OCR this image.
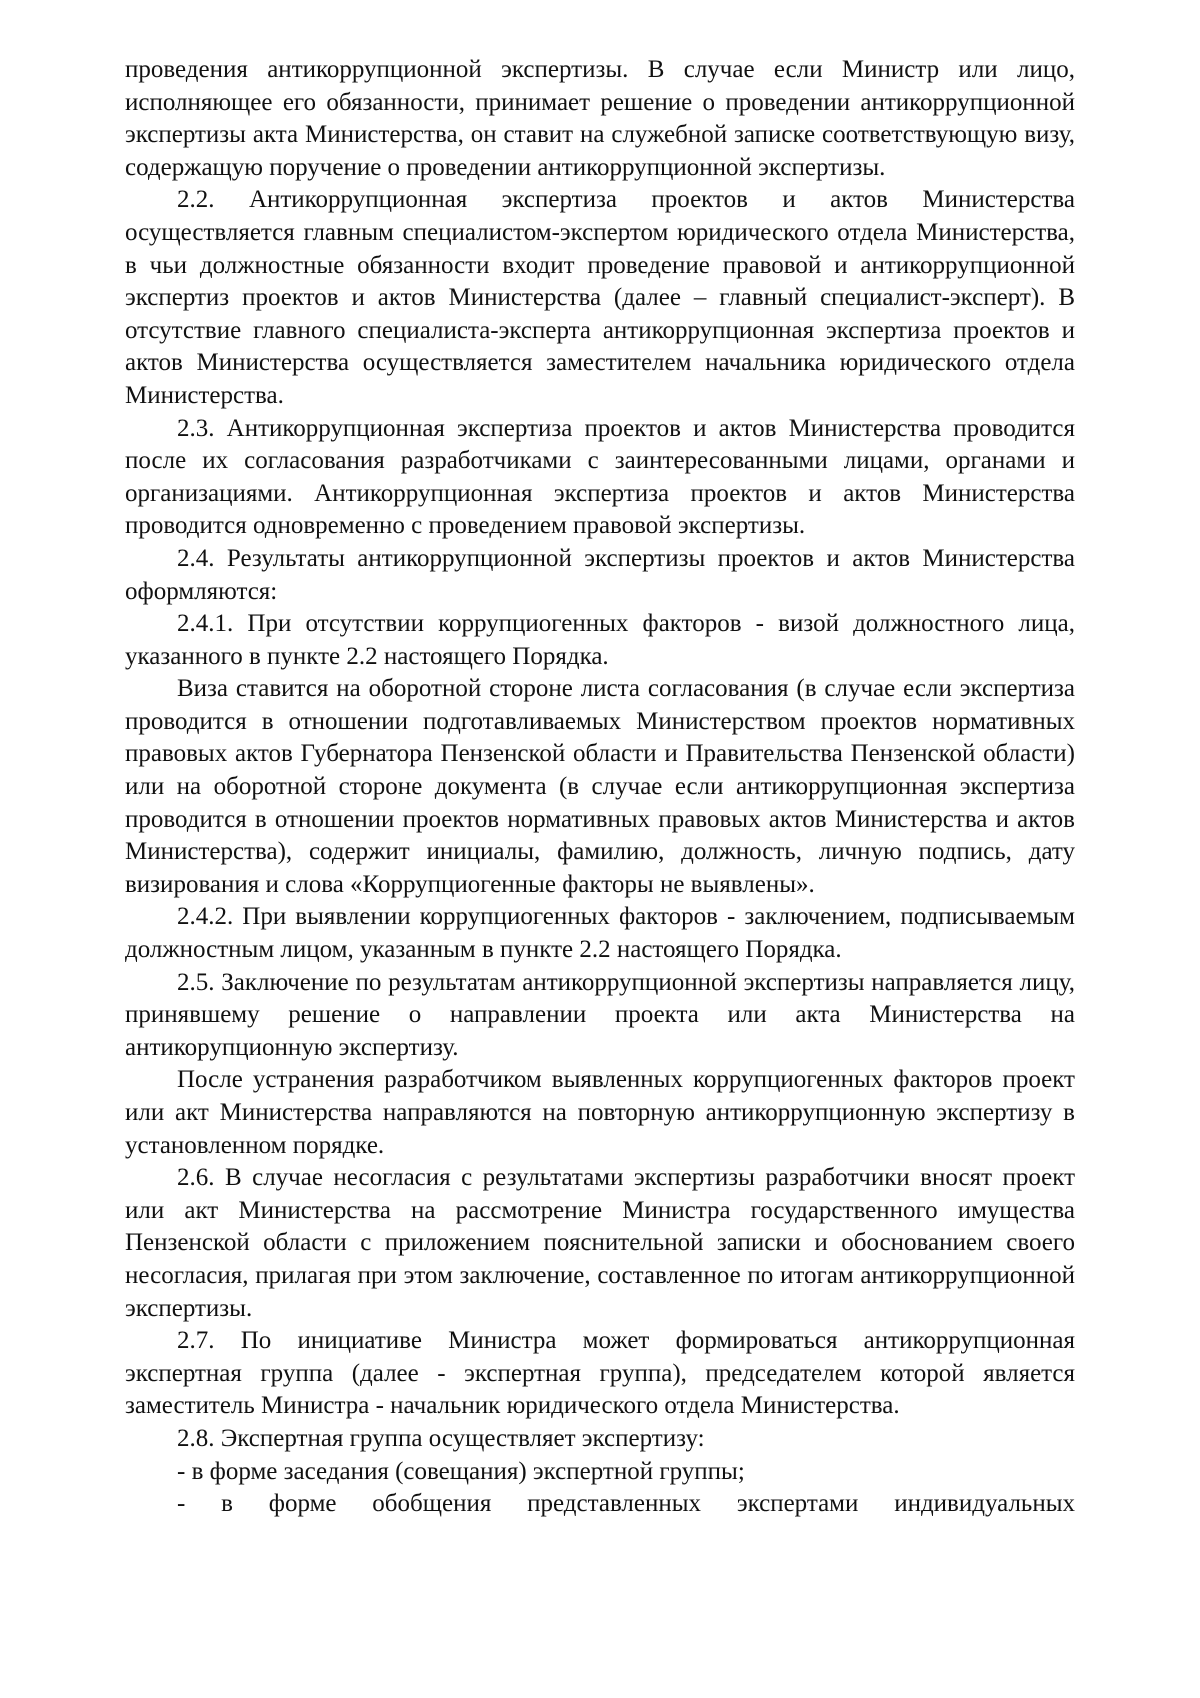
проведения антикоррупционной экспертизы. В случае если Министр или лицо, исполняющее его обязанности, принимает решение о проведении антикоррупционной экспертизы акта Министерства, он ставит на служебной записке соответствующую визу, содержащую поручение о проведении антикоррупционной экспертизы.

2.2. Антикоррупционная экспертиза проектов и актов Министерства осуществляется главным специалистом-экспертом юридического отдела Министерства, в чьи должностные обязанности входит проведение правовой и антикоррупционной экспертиз проектов и актов Министерства (далее – главный специалист-эксперт). В отсутствие главного специалиста-эксперта антикоррупционная экспертиза проектов и актов Министерства осуществляется заместителем начальника юридического отдела Министерства.

2.3. Антикоррупционная экспертиза проектов и актов Министерства проводится после их согласования разработчиками с заинтересованными лицами, органами и организациями. Антикоррупционная экспертиза проектов и актов Министерства проводится одновременно с проведением правовой экспертизы.

2.4. Результаты антикоррупционной экспертизы проектов и актов Министерства оформляются:

2.4.1. При отсутствии коррупциогенных факторов - визой должностного лица, указанного в пункте 2.2 настоящего Порядка.

Виза ставится на оборотной стороне листа согласования (в случае если экспертиза проводится в отношении подготавливаемых Министерством проектов нормативных правовых актов Губернатора Пензенской области и Правительства Пензенской области) или на оборотной стороне документа (в случае если антикоррупционная экспертиза проводится в отношении проектов нормативных правовых актов Министерства и актов Министерства), содержит инициалы, фамилию, должность, личную подпись, дату визирования и слова «Коррупциогенные факторы не выявлены».

2.4.2. При выявлении коррупциогенных факторов - заключением, подписываемым должностным лицом, указанным в пункте 2.2 настоящего Порядка.

2.5. Заключение по результатам антикоррупционной экспертизы направляется лицу, принявшему решение о направлении проекта или акта Министерства на антикорупционную экспертизу.

После устранения разработчиком выявленных коррупциогенных факторов проект или акт Министерства направляются на повторную антикоррупционную экспертизу в установленном порядке.

2.6. В случае несогласия с результатами экспертизы разработчики вносят проект или акт Министерства на рассмотрение Министра государственного имущества Пензенской области с приложением пояснительной записки и обоснованием своего несогласия, прилагая при этом заключение, составленное по итогам антикоррупционной экспертизы.

2.7. По инициативе Министра может формироваться антикоррупционная экспертная группа (далее - экспертная группа), председателем которой является заместитель Министра - начальник юридического отдела Министерства.

2.8. Экспертная группа осуществляет экспертизу:

- в форме заседания (совещания) экспертной группы;

- в форме обобщения представленных экспертами индивидуальных
